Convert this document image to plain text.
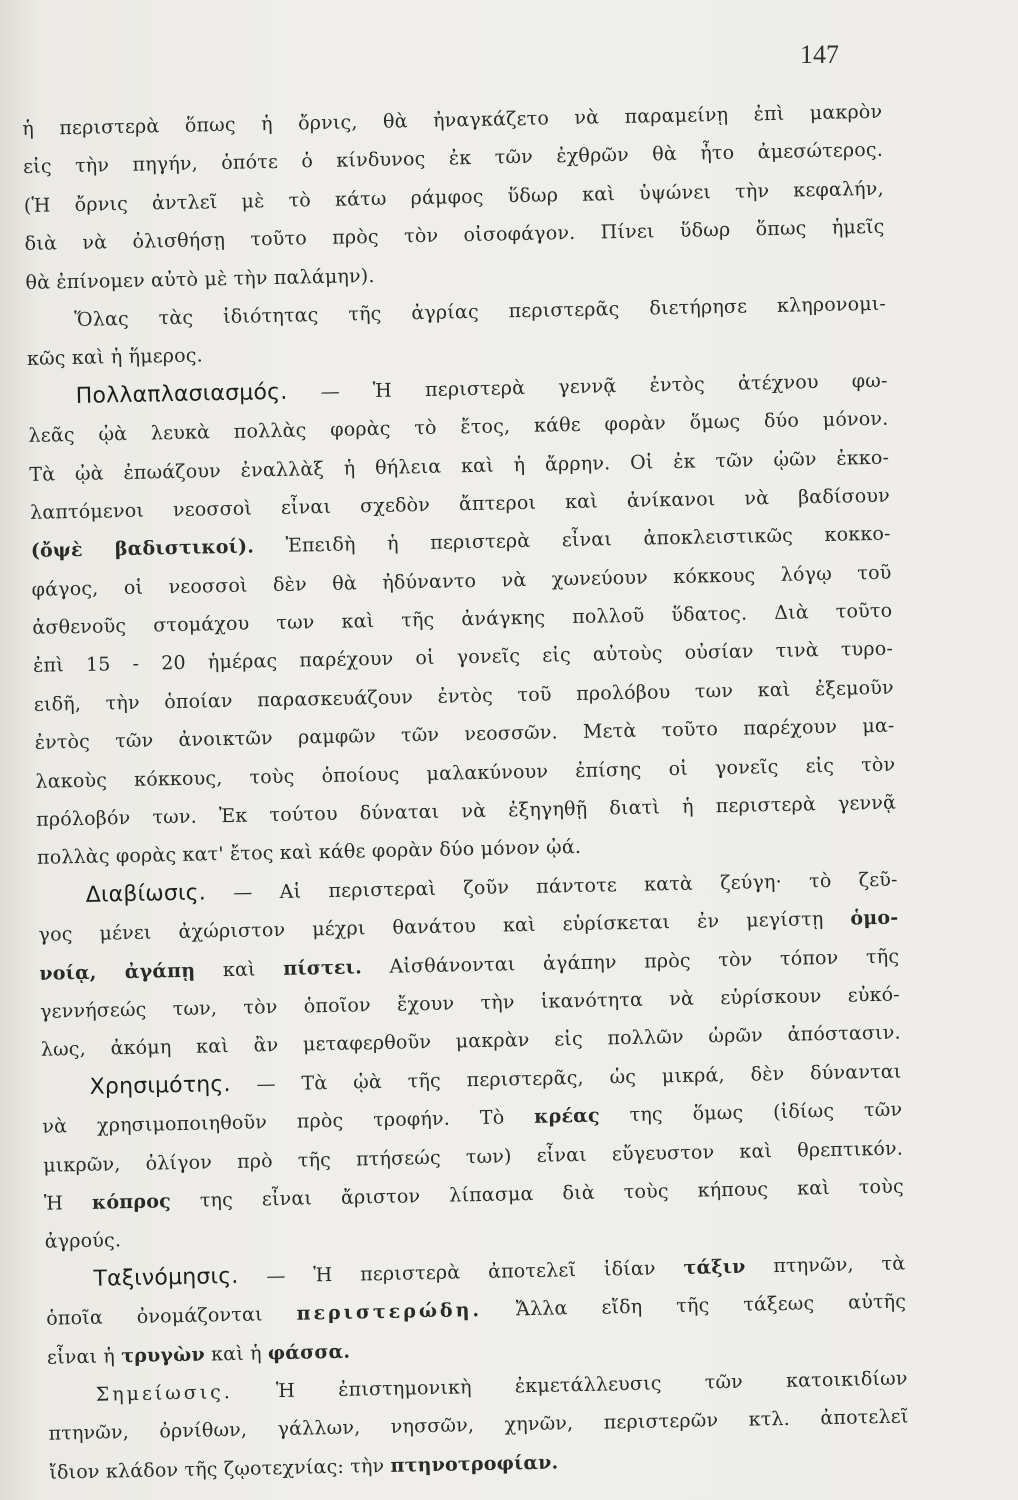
147
ἡ περιστερὰ ὅπως ἡ ὄρνις, θὰ ἠναγκάζετο νὰ παραμείνῃ ἐπὶ μακρὸν
εἰς τὴν πηγήν, ὁπότε ὁ κίνδυνος ἐκ τῶν ἐχθρῶν θὰ ἦτο ἀμεσώτερος.
(Ἡ ὄρνις ἀντλεῖ μὲ τὸ κάτω ράμφος ὕδωρ καὶ ὑψώνει τὴν κεφαλήν,
διὰ νὰ ὀλισθήσῃ τοῦτο πρὸς τὸν οἰσοφάγον. Πίνει ὕδωρ ὅπως ἡμεῖς
θὰ ἐπίνομεν αὐτὸ μὲ τὴν παλάμην).
Ὅλας τὰς ἰδιότητας τῆς ἀγρίας περιστερᾶς διετήρησε κληρονομι-
κῶς καὶ ἡ ἥμερος.
Πολλαπλασιασμός. — Ἡ περιστερὰ γεννᾷ ἐντὸς ἀτέχνου φω-
λεᾶς ᾠὰ λευκὰ πολλὰς φορὰς τὸ ἔτος, κάθε φορὰν ὅμως δύο μόνον.
Τὰ ᾠὰ ἐπωάζουν ἐναλλὰξ ἡ θήλεια καὶ ἡ ἄρρην. Οἱ ἐκ τῶν ᾠῶν ἐκκο-
λαπτόμενοι νεοσσοὶ εἶναι σχεδὸν ἄπτεροι καὶ ἀνίκανοι νὰ βαδίσουν
(ὄψὲ βαδιστικοί). Ἐπειδὴ ἡ περιστερὰ εἶναι ἀποκλειστικῶς κοκκο-
φάγος, οἱ νεοσσοὶ δὲν θὰ ἠδύναντο νὰ χωνεύουν κόκκους λόγῳ τοῦ
ἀσθενοῦς στομάχου των καὶ τῆς ἀνάγκης πολλοῦ ὕδατος. Διὰ τοῦτο
ἐπὶ 15 - 20 ἡμέρας παρέχουν οἱ γονεῖς εἰς αὐτοὺς οὐσίαν τινὰ τυρο-
ειδῆ, τὴν ὁποίαν παρασκευάζουν ἐντὸς τοῦ προλόβου των καὶ ἐξεμοῦν
ἐντὸς τῶν ἀνοικτῶν ραμφῶν τῶν νεοσσῶν. Μετὰ τοῦτο παρέχουν μα-
λακοὺς κόκκους, τοὺς ὁποίους μαλακύνουν ἐπίσης οἱ γονεῖς εἰς τὸν
πρόλοβόν των. Ἐκ τούτου δύναται νὰ ἐξηγηθῇ διατὶ ἡ περιστερὰ γεννᾷ
πολλὰς φορὰς κατ' ἔτος καὶ κάθε φορὰν δύο μόνον ᾠά.
Διαβίωσις. — Αἱ περιστεραὶ ζοῦν πάντοτε κατὰ ζεύγη· τὸ ζεῦ-
γος μένει ἀχώριστον μέχρι θανάτου καὶ εὑρίσκεται ἐν μεγίστῃ ὁμο-
νοίᾳ, ἀγάπῃ καὶ πίστει. Αἰσθάνονται ἀγάπην πρὸς τὸν τόπον τῆς
γεννήσεώς των, τὸν ὁποῖον ἔχουν τὴν ἱκανότητα νὰ εὑρίσκουν εὐκό-
λως, ἀκόμη καὶ ἂν μεταφερθοῦν μακρὰν εἰς πολλῶν ὡρῶν ἀπόστασιν.
Χρησιμότης. — Τὰ ᾠὰ τῆς περιστερᾶς, ὡς μικρά, δὲν δύνανται
νὰ χρησιμοποιηθοῦν πρὸς τροφήν. Τὸ κρέας της ὅμως (ἰδίως τῶν
μικρῶν, ὀλίγον πρὸ τῆς πτήσεώς των) εἶναι εὔγευστον καὶ θρεπτικόν.
Ἡ κόπρος της εἶναι ἄριστον λίπασμα διὰ τοὺς κήπους καὶ τοὺς
ἀγρούς.
Ταξινόμησις. — Ἡ περιστερὰ ἀποτελεῖ ἰδίαν τάξιν πτηνῶν, τὰ
ὁποῖα ὀνομάζονται περιστερώδη. Ἄλλα εἴδη τῆς τάξεως αὐτῆς
εἶναι ἡ τρυγὼν καὶ ἡ φάσσα.
Σημείωσις. Ἡ ἐπιστημονικὴ ἐκμετάλλευσις τῶν κατοικιδίων
πτηνῶν, ὀρνίθων, γάλλων, νησσῶν, χηνῶν, περιστερῶν κτλ. ἀποτελεῖ
ἴδιον κλάδον τῆς ζῳοτεχνίας: τὴν πτηνοτροφίαν.
